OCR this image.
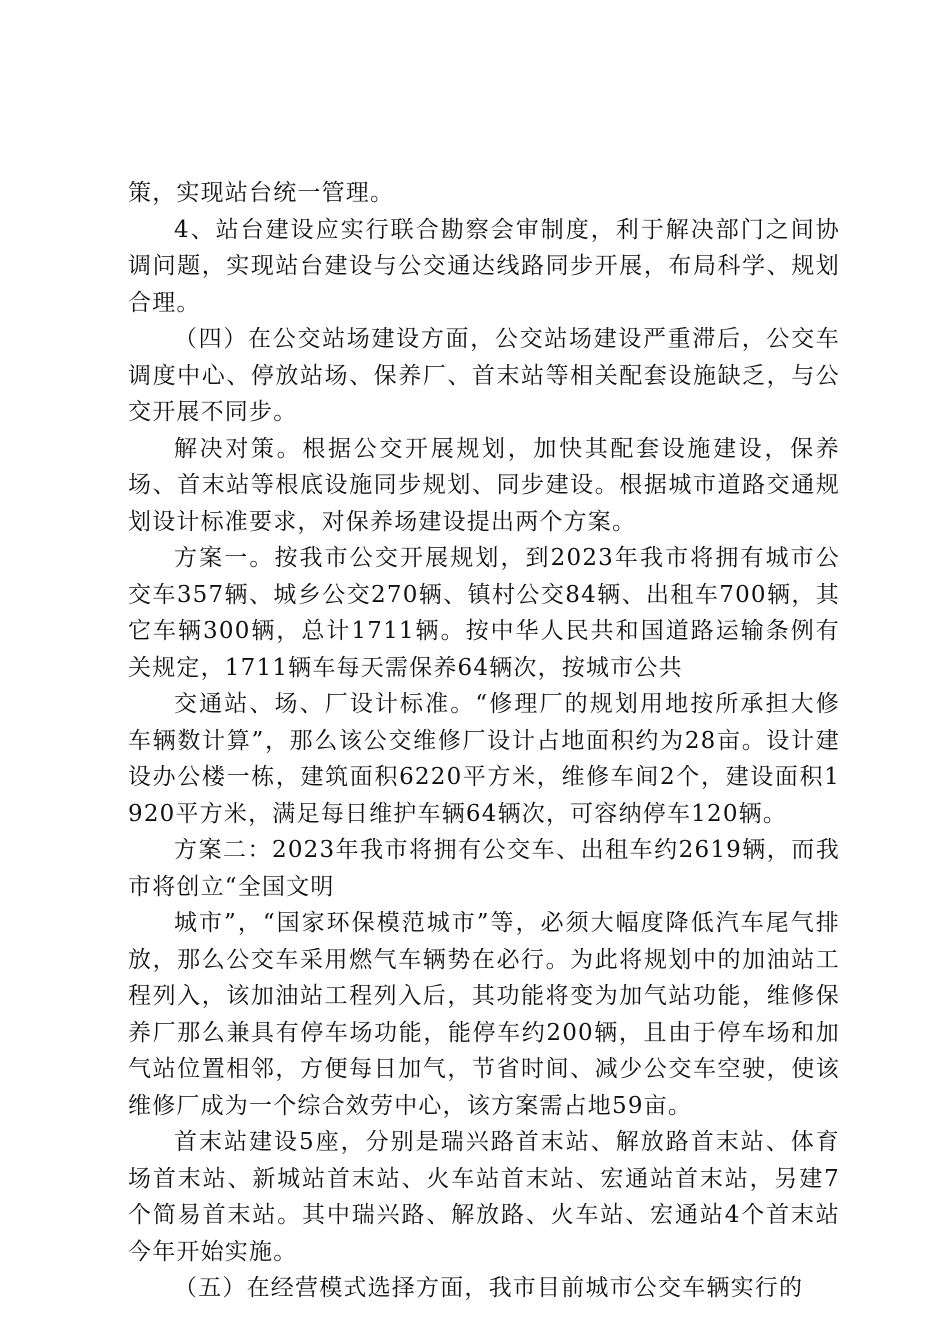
策，实现站台统一管理。

4、站台建设应实行联合勘察会审制度，利于解决部门之间协调问题，实现站台建设与公交通达线路同步开展，布局科学、规划合理。

（四）在公交站场建设方面，公交站场建设严重滞后，公交车调度中心、停放站场、保养厂、首末站等相关配套设施缺乏，与公交开展不同步。

解决对策。根据公交开展规划，加快其配套设施建设，保养场、首末站等根底设施同步规划、同步建设。根据城市道路交通规划设计标准要求，对保养场建设提出两个方案。

方案一。按我市公交开展规划，到2023年我市将拥有城市公交车357辆、城乡公交270辆、镇村公交84辆、出租车700辆，其它车辆300辆，总计1711辆。按中华人民共和国道路运输条例有关规定，1711辆车每天需保养64辆次，按城市公共

交通站、场、厂设计标准。“修理厂的规划用地按所承担大修车辆数计算”，那么该公交维修厂设计占地面积约为28亩。设计建设办公楼一栋，建筑面积6220平方米，维修车间2个，建设面积1920平方米，满足每日维护车辆64辆次，可容纳停车120辆。

方案二：2023年我市将拥有公交车、出租车约2619辆，而我市将创立“全国文明

城市”，“国家环保模范城市”等，必须大幅度降低汽车尾气排放，那么公交车采用燃气车辆势在必行。为此将规划中的加油站工程列入，该加油站工程列入后，其功能将变为加气站功能，维修保养厂那么兼具有停车场功能，能停车约200辆，且由于停车场和加气站位置相邻，方便每日加气，节省时间、减少公交车空驶，使该维修厂成为一个综合效劳中心，该方案需占地59亩。

首末站建设5座，分别是瑞兴路首末站、解放路首末站、体育场首末站、新城站首末站、火车站首末站、宏通站首末站，另建7个简易首末站。其中瑞兴路、解放路、火车站、宏通站4个首末站今年开始实施。

（五）在经营模式选择方面，我市目前城市公交车辆实行的
